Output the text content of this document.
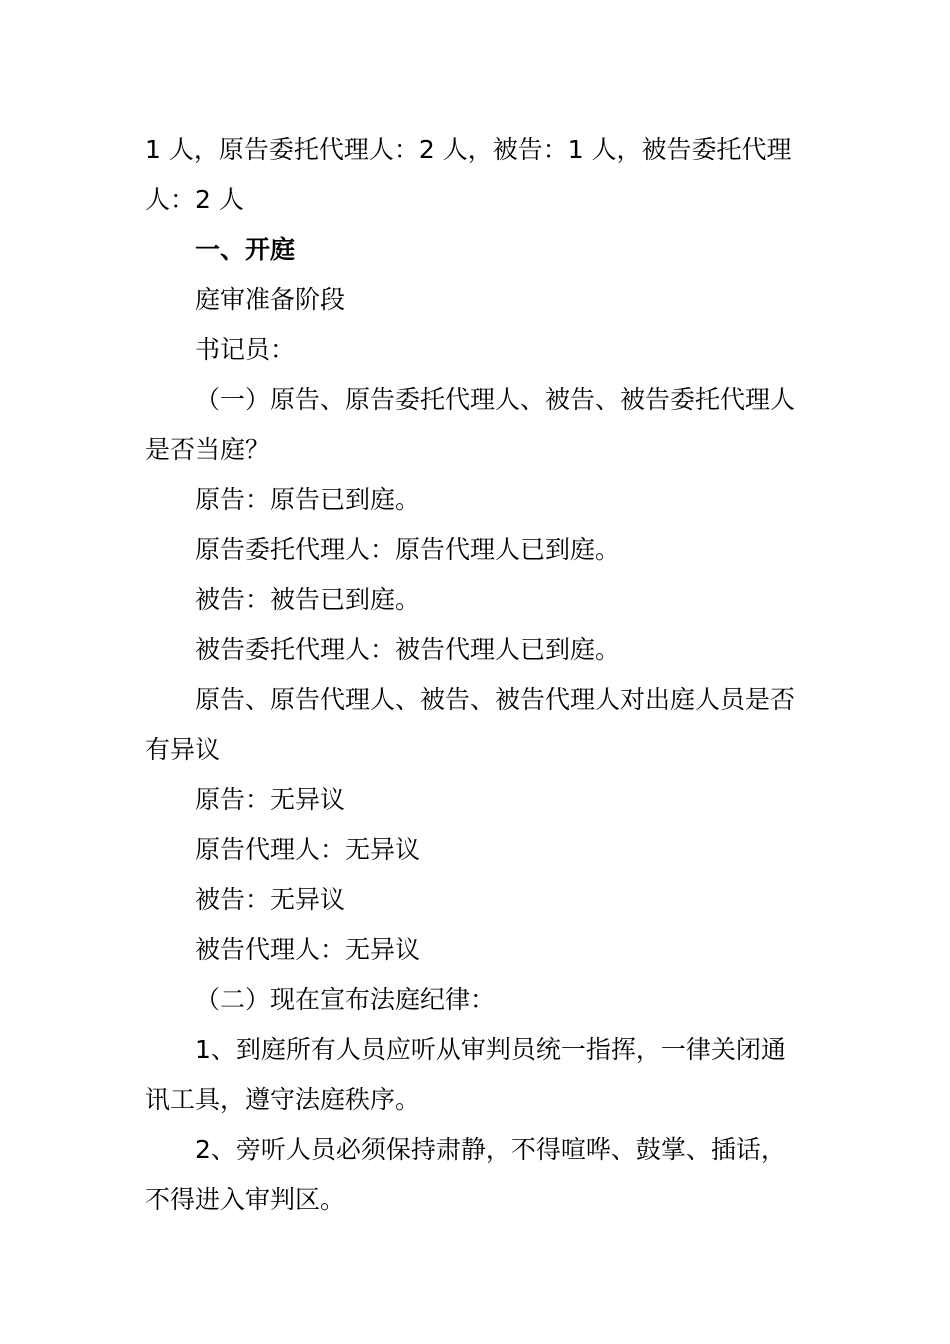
1 人，原告委托代理人：2 人，被告：1 人，被告委托代理人：2 人

一、开庭

庭审准备阶段

书记员：

（一）原告、原告委托代理人、被告、被告委托代理人是否当庭？

原告：原告已到庭。

原告委托代理人：原告代理人已到庭。

被告：被告已到庭。

被告委托代理人：被告代理人已到庭。

原告、原告代理人、被告、被告代理人对出庭人员是否有异议

原告：无异议

原告代理人：无异议

被告：无异议

被告代理人：无异议

（二）现在宣布法庭纪律：

1、到庭所有人员应听从审判员统一指挥，一律关闭通讯工具，遵守法庭秩序。

2、旁听人员必须保持肃静，不得喧哗、鼓掌、插话，不得进入审判区。
